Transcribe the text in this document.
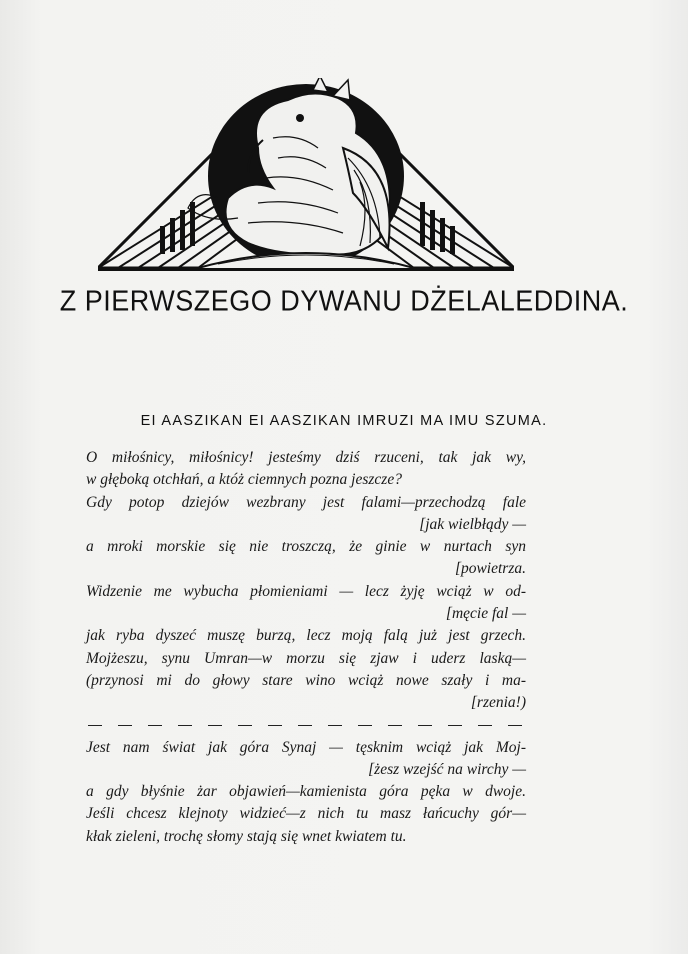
Z PIERWSZEGO DYWANU DŻELALEDDINA.
EI AASZIKAN EI AASZIKAN IMRUZI MA IMU SZUMA.
O miłośnicy, miłośnicy! jesteśmy dziś rzuceni, tak jak wy,
w głęboką otchłań, a któż ciemnych pozna jeszcze?
Gdy potop dziejów wezbrany jest falami—przechodzą fale
[jak wielbłądy —
a mroki morskie się nie troszczą, że ginie w nurtach syn
[powietrza.
Widzenie me wybucha płomieniami — lecz żyję wciąż w od-
[męcie fal —
jak ryba dyszeć muszę burzą, lecz moją falą już jest grzech.
Mojżeszu, synu Umran—w morzu się zjaw i uderz laską—
(przynosi mi do głowy stare wino wciąż nowe szały i ma-
[rzenia!)
Jest nam świat jak góra Synaj — tęsknim wciąż jak Moj-
[żesz wzejść na wirchy —
a gdy błyśnie żar objawień—kamienista góra pęka w dwoje.
Jeśli chcesz klejnoty widzieć—z nich tu masz łańcuchy gór—
kłak zieleni, trochę słomy stają się wnet kwiatem tu.
